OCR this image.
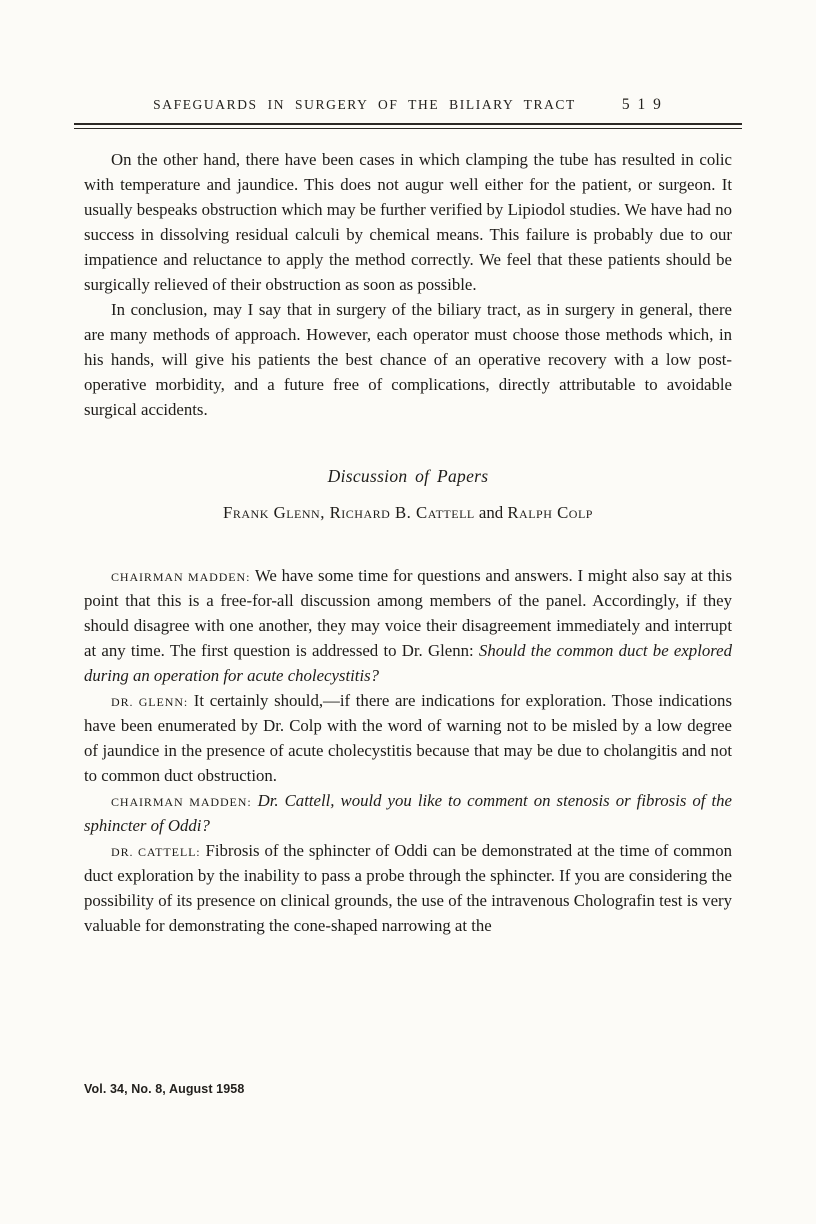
SAFEGUARDS IN SURGERY OF THE BILIARY TRACT	5 1 9

On the other hand, there have been cases in which clamping the tube has resulted in colic with temperature and jaundice. This does not augur well either for the patient, or surgeon. It usually bespeaks obstruction which may be further verified by Lipiodol studies. We have had no success in dissolving residual calculi by chemical means. This failure is probably due to our impatience and reluctance to apply the method correctly. We feel that these patients should be surgically relieved of their obstruction as soon as possible.

In conclusion, may I say that in surgery of the biliary tract, as in surgery in general, there are many methods of approach. However, each operator must choose those methods which, in his hands, will give his patients the best chance of an operative recovery with a low post-operative morbidity, and a future free of complications, directly attributable to avoidable surgical accidents.

Discussion of Papers
Frank Glenn, Richard B. Cattell and Ralph Colp

Chairman Madden: We have some time for questions and answers. I might also say at this point that this is a free-for-all discussion among members of the panel. Accordingly, if they should disagree with one another, they may voice their disagreement immediately and interrupt at any time. The first question is addressed to Dr. Glenn: Should the common duct be explored during an operation for acute cholecystitis?

Dr. Glenn: It certainly should,—if there are indications for exploration. Those indications have been enumerated by Dr. Colp with the word of warning not to be misled by a low degree of jaundice in the presence of acute cholecystitis because that may be due to cholangitis and not to common duct obstruction.

Chairman Madden: Dr. Cattell, would you like to comment on stenosis or fibrosis of the sphincter of Oddi?

Dr. Cattell: Fibrosis of the sphincter of Oddi can be demonstrated at the time of common duct exploration by the inability to pass a probe through the sphincter. If you are considering the possibility of its presence on clinical grounds, the use of the intravenous Cholografin test is very valuable for demonstrating the cone-shaped narrowing at the

Vol. 34, No. 8, August 1958
